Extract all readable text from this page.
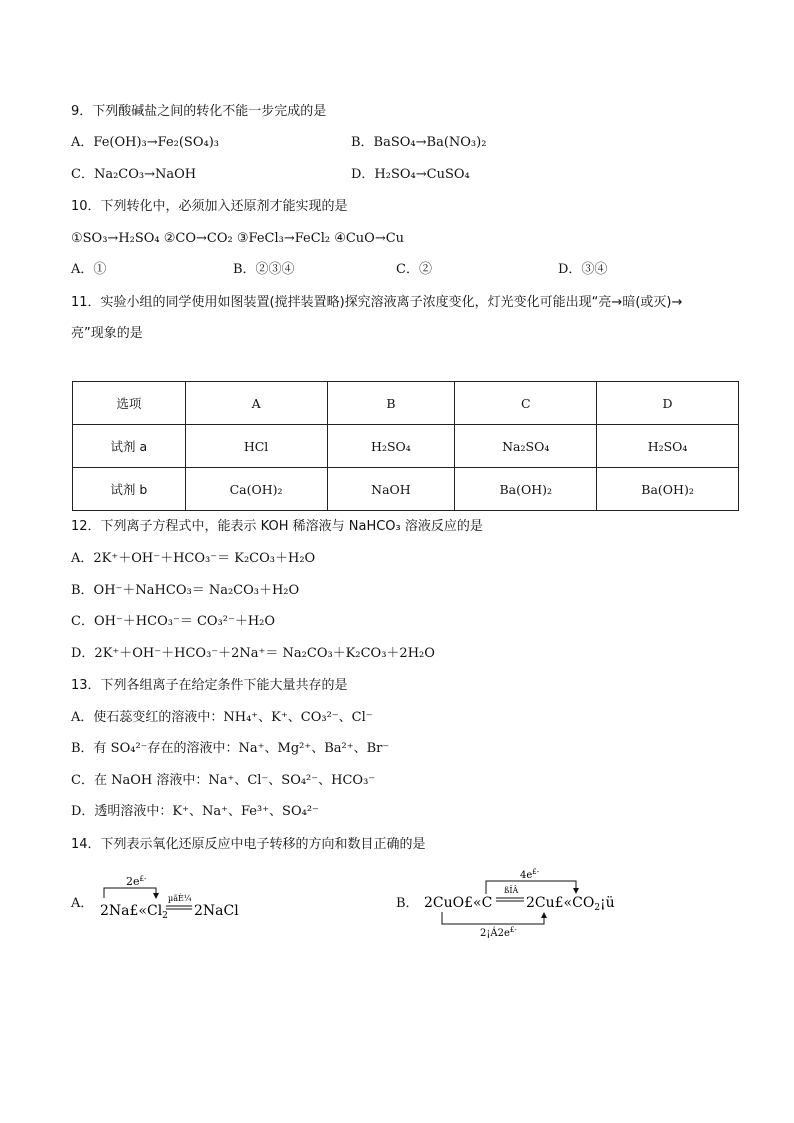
9．下列酸碱盐之间的转化不能一步完成的是
A．Fe(OH)₃→Fe₂(SO₄)₃	B．BaSO₄→Ba(NO₃)₂
C．Na₂CO₃→NaOH	D．H₂SO₄→CuSO₄
10．下列转化中，必须加入还原剂才能实现的是
①SO₃→H₂SO₄ ②CO→CO₂ ③FeCl₃→FeCl₂ ④CuO→Cu
A．①	B．②③④	C．②	D．③④
11．实验小组的同学使用如图装置(搅拌装置略)探究溶液离子浓度变化，灯光变化可能出现“亮→暗(或灭)→
亮”现象的是
选项	A	B	C	D
试剂 a	HCl	H₂SO₄	Na₂SO₄	H₂SO₄
试剂 b	Ca(OH)₂	NaOH	Ba(OH)₂	Ba(OH)₂
12．下列离子方程式中，能表示 KOH 稀溶液与 NaHCO₃ 溶液反应的是
A．2K⁺＋OH⁻＋HCO₃⁻＝ K₂CO₃＋H₂O
B．OH⁻＋NaHCO₃＝ Na₂CO₃＋H₂O
C．OH⁻＋HCO₃⁻＝ CO₃²⁻＋H₂O
D．2K⁺＋OH⁻＋HCO₃⁻＋2Na⁺＝ Na₂CO₃＋K₂CO₃＋2H₂O
13．下列各组离子在给定条件下能大量共存的是
A．使石蕊变红的溶液中：NH₄⁺、K⁺、CO₃²⁻、Cl⁻
B．有 SO₄²⁻存在的溶液中：Na⁺、Mg²⁺、Ba²⁺、Br⁻
C．在 NaOH 溶液中：Na⁺、Cl⁻、SO₄²⁻、HCO₃⁻
D．透明溶液中：K⁺、Na⁺、Fe³⁺、SO₄²⁻
14．下列表示氧化还原反应中电子转移的方向和数目正确的是
A．
2e£-
$2Na£«Cl_2$
µãÈ¼
2NaCl	B．
4e£-
2CuO£«C
ßÎÂ
$2Cu£«CO_2¡ü$
2¡Á2e£-
